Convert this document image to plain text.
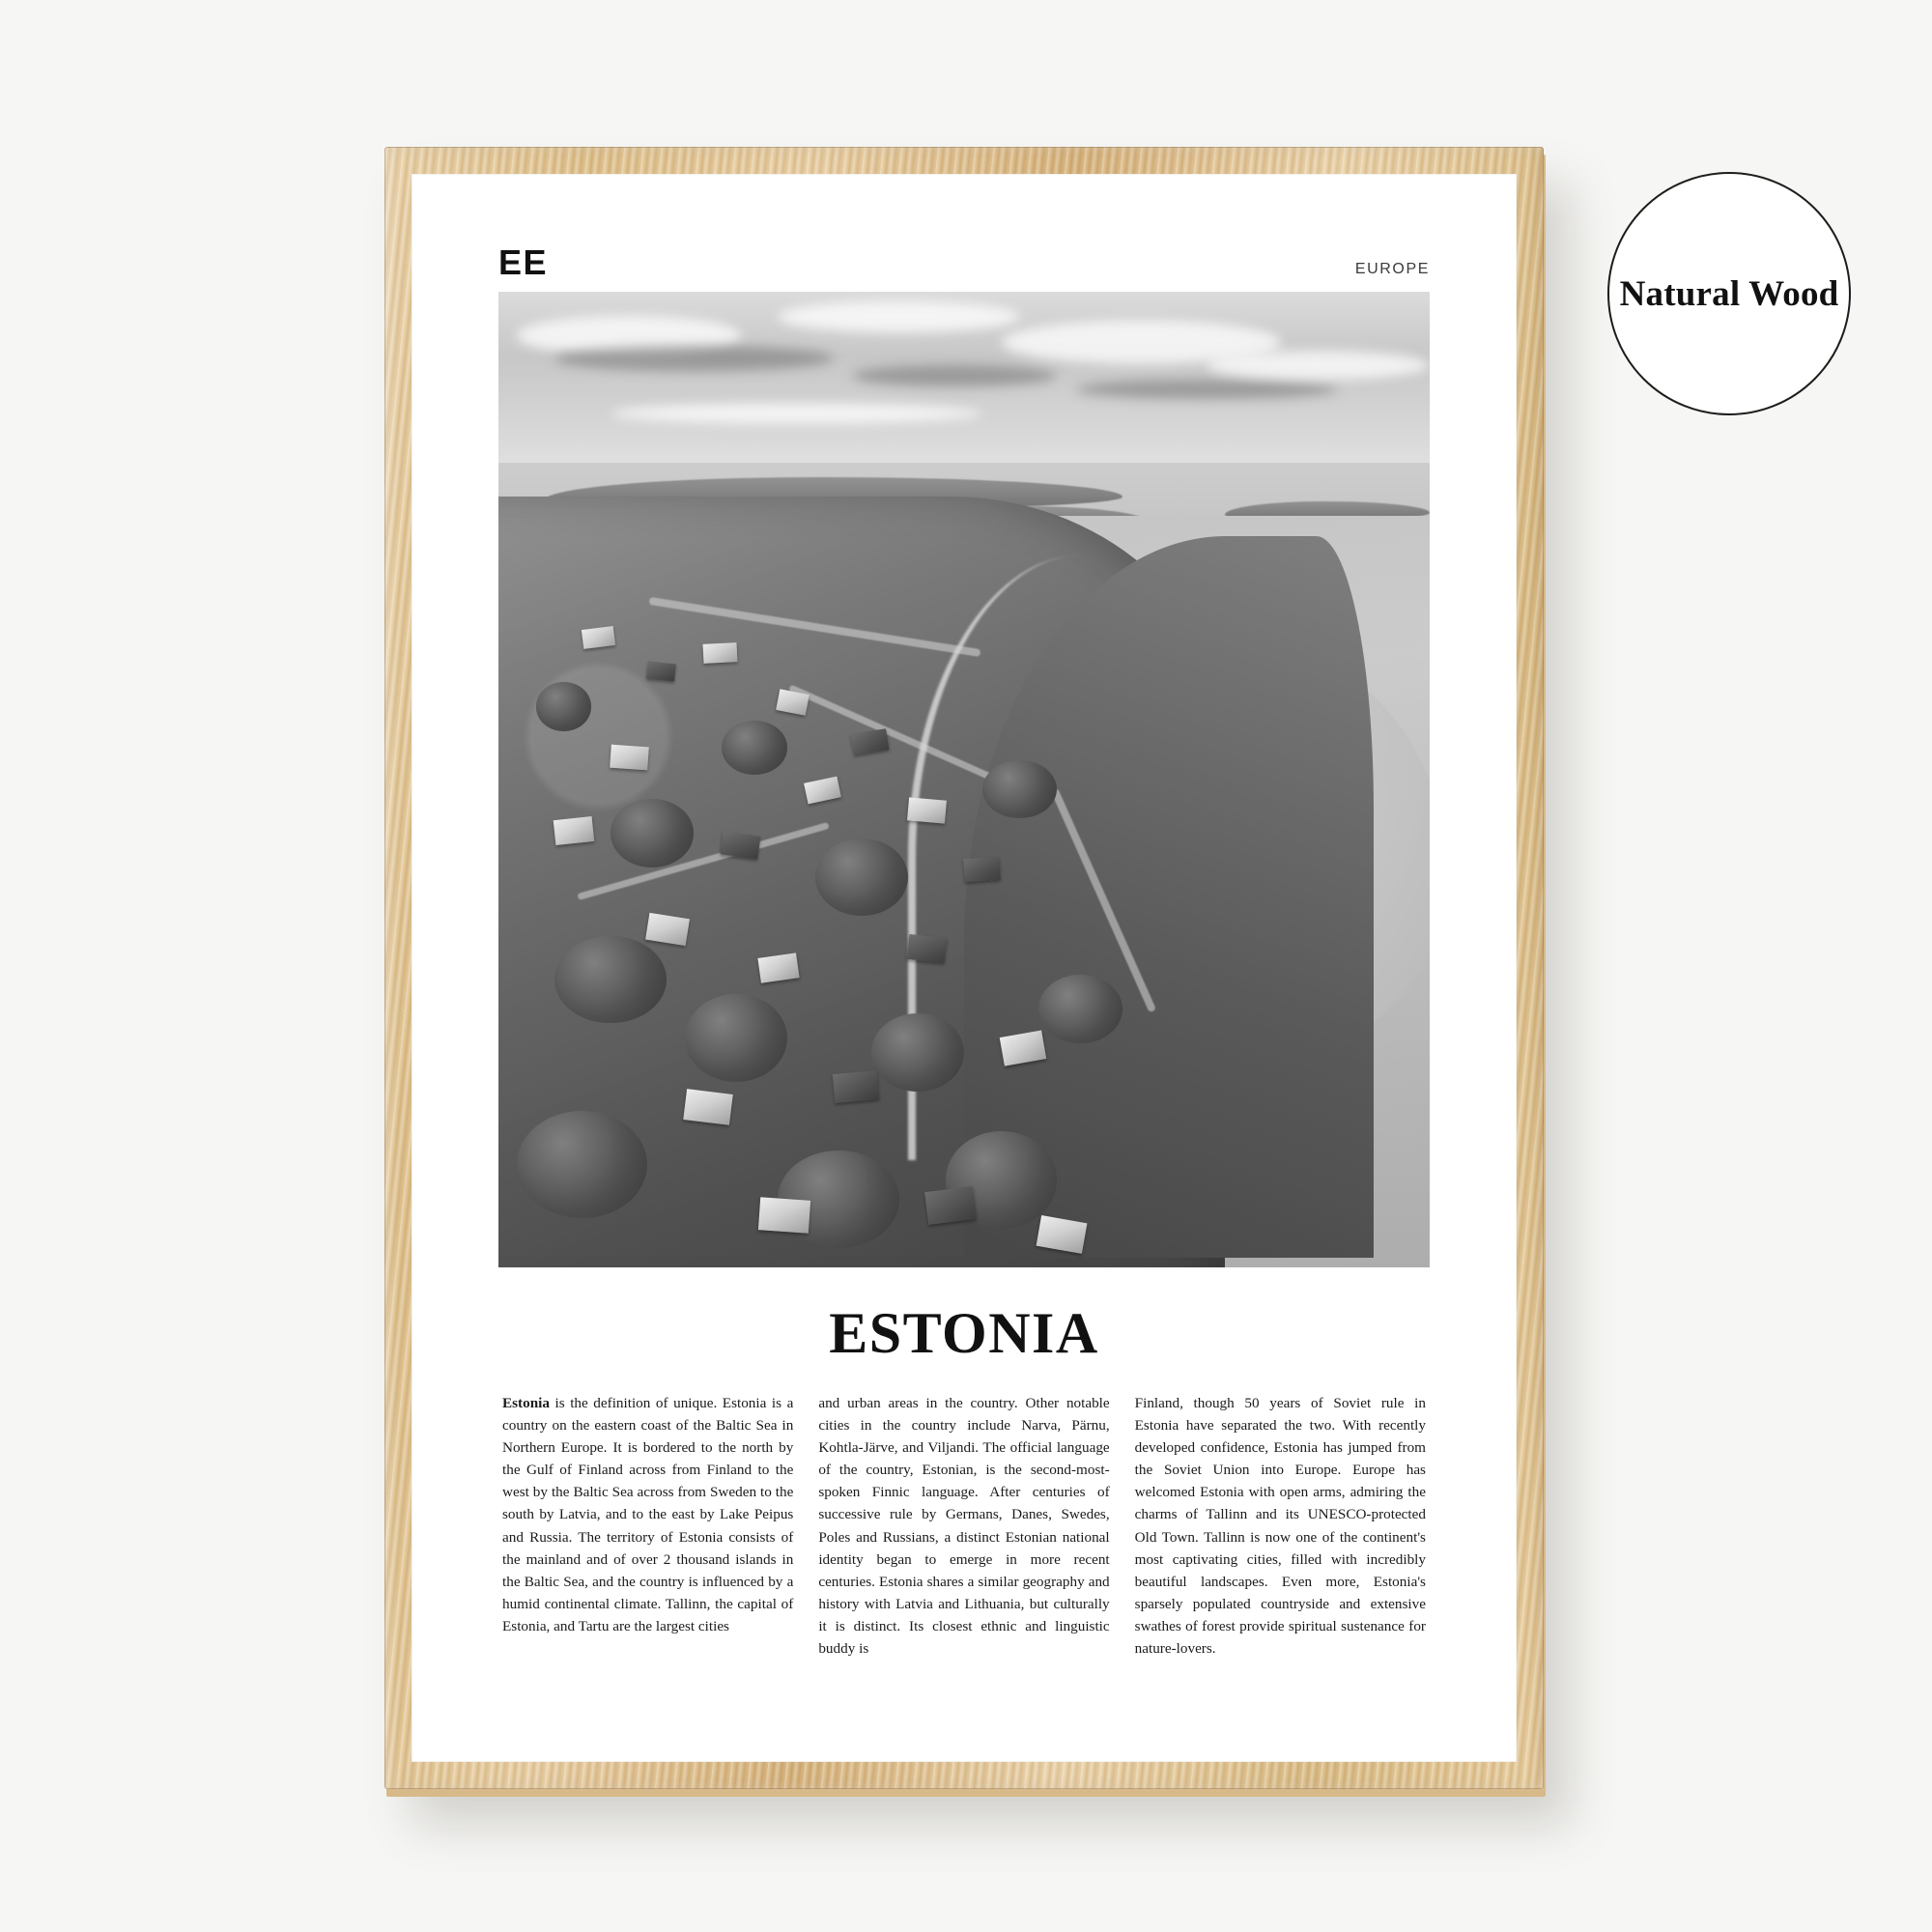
Natural Wood
EE	EUROPE
ESTONIA
Estonia is the definition of unique. Estonia is a country on the eastern coast of the Baltic Sea in Northern Europe. It is bordered to the north by the Gulf of Finland across from Finland to the west by the Baltic Sea across from Sweden to the south by Latvia, and to the east by Lake Peipus and Russia. The territory of Estonia consists of the mainland and of over 2 thousand islands in the Baltic Sea, and the country is influenced by a humid continental climate. Tallinn, the capital of Estonia, and Tartu are the largest cities
and urban areas in the country. Other notable cities in the country include Narva, Pärnu, Kohtla-Järve, and Viljandi. The official language of the country, Estonian, is the second-most-spoken Finnic language. After centuries of successive rule by Germans, Danes, Swedes, Poles and Russians, a distinct Estonian national identity began to emerge in more recent centuries. Estonia shares a similar geography and history with Latvia and Lithuania, but culturally it is distinct. Its closest ethnic and linguistic buddy is
Finland, though 50 years of Soviet rule in Estonia have separated the two. With recently developed confidence, Estonia has jumped from the Soviet Union into Europe. Europe has welcomed Estonia with open arms, admiring the charms of Tallinn and its UNESCO-protected Old Town. Tallinn is now one of the continent's most captivating cities, filled with incredibly beautiful landscapes. Even more, Estonia's sparsely populated countryside and extensive swathes of forest provide spiritual sustenance for nature-lovers.
